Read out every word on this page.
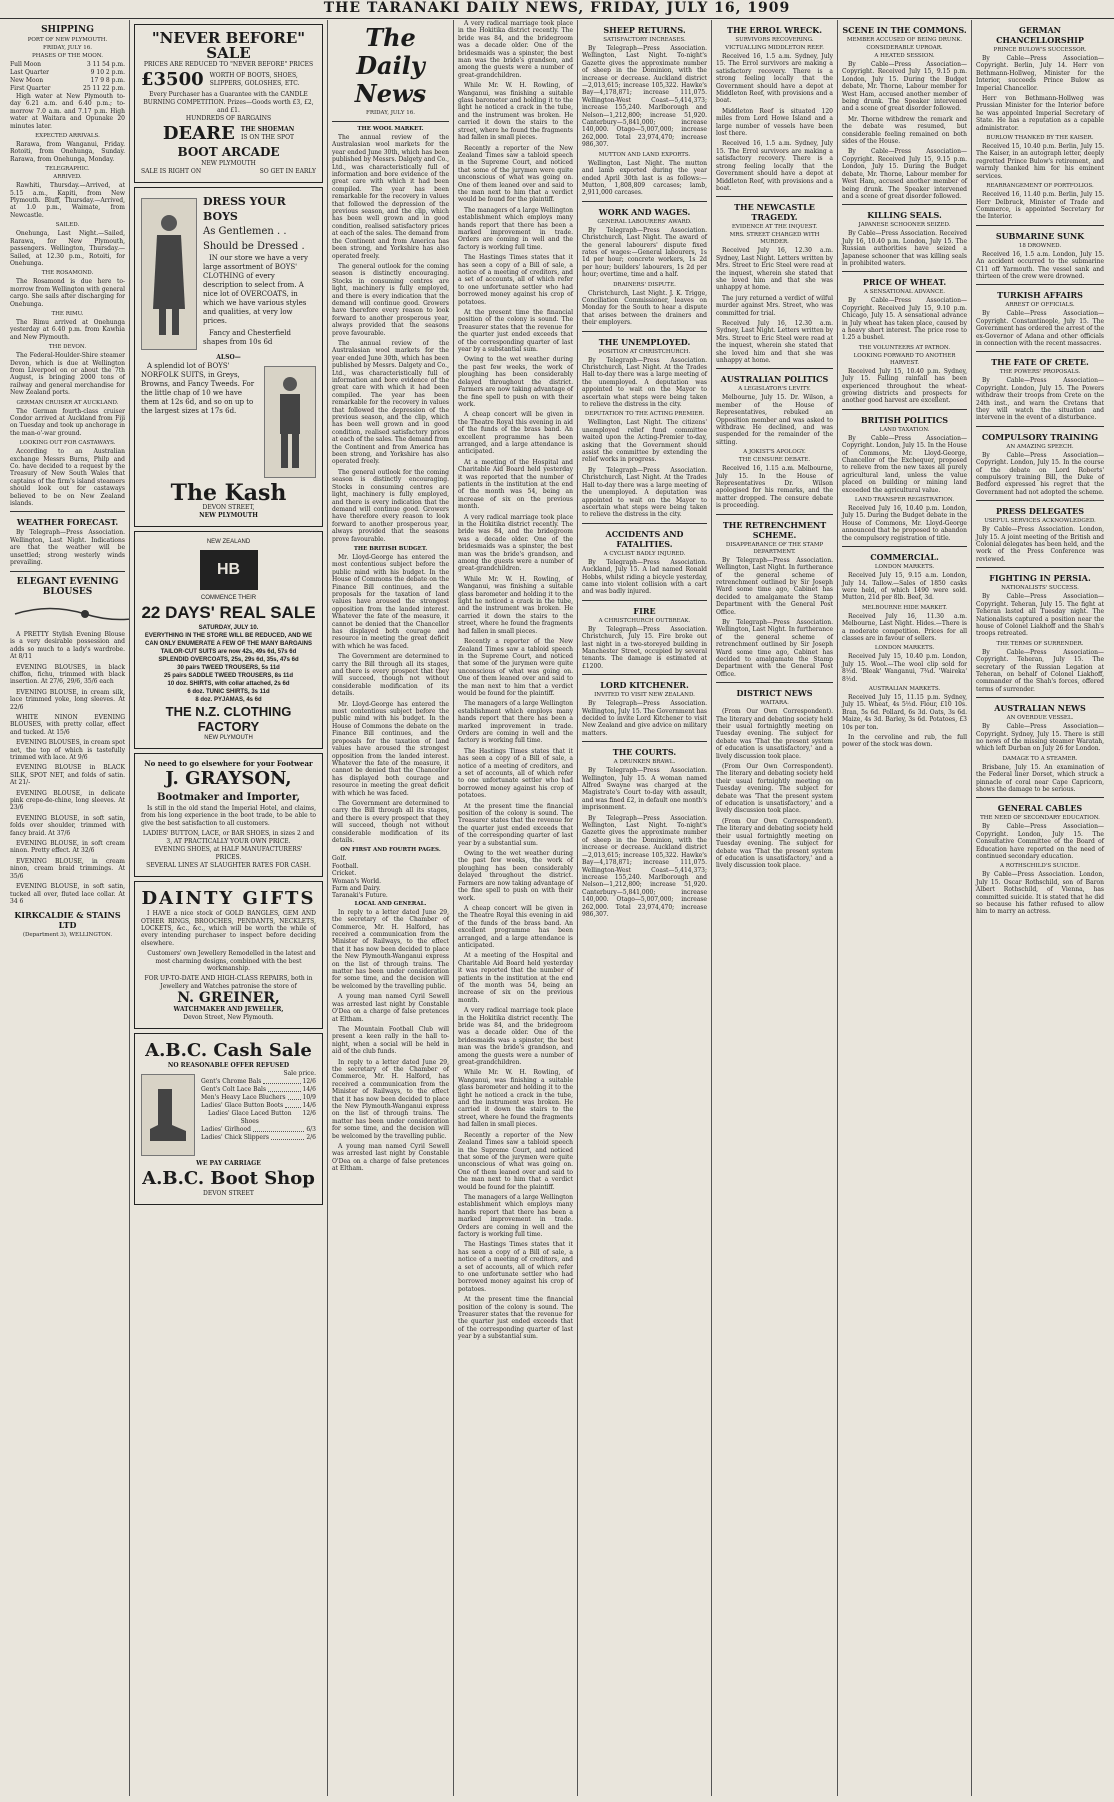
THE TARANAKI DAILY NEWS, FRIDAY, JULY 16, 1909
SHIPPING
PORT OF NEW PLYMOUTH.
FRIDAY, JULY 16.
PHASES OF THE MOON.
Full Moon	3 11 54 p.m.
Last Quarter	9 10 2 p.m.
New Moon	17 9 8 p.m.
First Quarter	25 11 22 p.m.

High water at New Plymouth to-day 6.21 a.m. and 6.40 p.m.; to-morrow 7.0 a.m. and 7.17 p.m. High water at Waitara and Opunake 20 minutes later.

EXPECTED ARRIVALS.

Rarawa, from Wanganui, Friday. Rotoiti, from Onehunga, Sunday. Rarawa, from Onehunga, Monday.

TELEGRAPHIC.
ARRIVED.

Rawhiti, Thursday.—Arrived, at 5.15 a.m., Kapiti, from New Plymouth. Bluff, Thursday.—Arrived, at 1.0 p.m., Waimate, from Newcastle.

SAILED.

Onehunga, Last Night.—Sailed, Rarawa, for New Plymouth, passengers. Wellington, Thursday.—Sailed, at 12.30 p.m., Rotoiti, for Onehunga.

THE ROSAMOND.

The Rosamond is due here to-morrow from Wellington with general cargo. She sails after discharging for Onehunga.

THE RIMU.

The Rimu arrived at Onehunga yesterday at 6.40 p.m. from Kawhia and New Plymouth.

THE DEVON.

The Federal-Houlder-Shire steamer Devon, which is due at Wellington from Liverpool on or about the 7th August, is bringing 2000 tons of railway and general merchandise for New Zealand ports.

GERMAN CRUISER AT AUCKLAND.

The German fourth-class cruiser Condor arrived at Auckland from Fiji on Tuesday and took up anchorage in the man-o'-war ground.

LOOKING OUT FOR CASTAWAYS.

According to an Australian exchange Messrs Burns, Philp and Co. have decided to a request by the Treasury of New South Wales that captains of the firm's island steamers should look out for castaways believed to be on New Zealand islands.

WEATHER FORECAST.

By Telegraph—Press Association. Wellington, Last Night. Indications are that the weather will be unsettled; strong westerly winds prevailing.

ELEGANT EVENING BLOUSES

A PRETTY Stylish Evening Blouse is a very desirable possession and adds so much to a lady's wardrobe. At 8/11

EVENING BLOUSES, in black chiffon, fichu, trimmed with black insertion. At 27/6, 29/6, 35/6 each

EVENING BLOUSE, in cream silk, lace trimmed yoke, long sleeves. At 22/6

WHITE NINON EVENING BLOUSES, with pretty collar, effect and tucked. At 15/6

EVENING BLOUSES, in cream spot net, the top of which is tastefully trimmed with lace. At 9/6

EVENING BLOUSE in BLACK SILK, SPOT NET, and folds of satin. At 21/-

EVENING BLOUSE, in delicate pink crepe-de-chine, long sleeves. At 23/6

EVENING BLOUSE, in soft satin, folds over shoulder, trimmed with fancy braid. At 37/6

EVENING BLOUSE, in soft cream ninon. Pretty effect. At 32/6

EVENING BLOUSE, in cream ninon, cream braid trimmings. At 35/6

EVENING BLOUSE, in soft satin, tucked all over, fluted lace collar. At 34 6

KIRKCALDIE & STAINS LTD
(Department 3), WELLINGTON.
"NEVER BEFORE" SALE
PRICES ARE REDUCED TO "NEVER BEFORE" PRICES
£3500 WORTH OF BOOTS, SHOES, SLIPPERS, GOLOSHES, ETC.
Every Purchaser has a Guarantee with the CANDLE BURNING COMPETITION. Prizes—Goods worth £3, £2, and £1.
HUNDREDS OF BARGAINS
DEARE THE SHOEMAN
IS ON THE SPOT
BOOT ARCADE
NEW PLYMOUTH
SALE IS RIGHT ON	SO GET IN EARLY
DRESS YOUR BOYS
As Gentlemen . .
Should be Dressed .

IN our store we have a very large assortment of BOYS' CLOTHING of every description to select from. A nice lot of OVERCOATS, in which we have various styles and qualities, at very low prices.

Fancy and Chesterfield shapes from 10s 6d

ALSO—

A splendid lot of BOYS' NORFOLK SUITS, in Greys, Browns, and Fancy Tweeds. For the little chap of 10 we have them at 12s 6d, and so on up to the largest sizes at 17s 6d.

The Kash
DEVON STREET,
NEW PLYMOUTH
NEW ZEALAND
HB
COMMENCE THEIR
22 DAYS' REAL SALE
SATURDAY, JULY 10.
EVERYTHING IN THE STORE WILL BE REDUCED, AND WE CAN ONLY ENUMERATE A FEW OF THE MANY BARGAINS
TAILOR-CUT SUITS are now 42s, 49s 6d, 57s 6d
SPLENDID OVERCOATS, 25s, 29s 6d, 35s, 47s 6d
30 pairs TWEED TROUSERS, 5s 11d
25 pairs SADDLE TWEED TROUSERS, 8s 11d
10 doz. SHIRTS, with collar attached, 2s 6d
6 doz. TUNIC SHIRTS, 3s 11d
8 doz. PYJAMAS, 4s 6d
THE N.Z. CLOTHING FACTORY
NEW PLYMOUTH
No need to go elsewhere for your Footwear
J. GRAYSON,
Bootmaker and Importer,

Is still in the old stand the Imperial Hotel, and claims, from his long experience in the boot trade, to be able to give the best satisfaction to all customers.

LADIES' BUTTON, LACE, or BAR SHOES, in sizes 2 and 3, AT PRACTICALLY YOUR OWN PRICE.
EVENING SHOES, at HALF MANUFACTURERS' PRICES.
SEVERAL LINES AT SLAUGHTER RATES FOR CASH.
DAINTY GIFTS

I HAVE a nice stock of GOLD BANGLES, GEM AND OTHER RINGS, BROOCHES, PENDANTS, NECKLETS, LOCKETS, &c., &c., which will be worth the while of every intending purchaser to inspect before deciding elsewhere.

Customers' own Jewellery Remodelled in the latest and most charming designs, combined with the best workmanship.

FOR UP-TO-DATE AND HIGH-CLASS REPAIRS, both in Jewellery and Watches patronise the store of
N. GREINER,
WATCHMAKER AND JEWELLER,
Devon Street, New Plymouth.
A.B.C. Cash Sale
NO REASONABLE OFFER REFUSED
Sale price.
Gent's Chrome Bals	12/6
Gent's Colt Lace Bals	14/6
Men's Heavy Lace Bluchers	10/9
Ladies' Glace Button Boots	14/6
Ladies' Glace Laced Button Shoes
12/6
Ladies' Girlhood	6/3
Ladies' Chick Slippers	2/6
WE PAY CARRIAGE
A.B.C. Boot Shop
DEVON STREET
The Daily News
FRIDAY, JULY 16.
THE WOOL MARKET.

The annual review of the Australasian wool markets for the year ended June 30th, which has been published by Messrs. Dalgety and Co., Ltd., was characteristically full of information and bore evidence of the great care with which it had been compiled. The year has been remarkable for the recovery in values that followed the depression of the previous season, and the clip, which has been well grown and in good condition, realised satisfactory prices at each of the sales. The demand from the Continent and from America has been strong, and Yorkshire has also operated freely.

The general outlook for the coming season is distinctly encouraging. Stocks in consuming centres are light, machinery is fully employed, and there is every indication that the demand will continue good. Growers have therefore every reason to look forward to another prosperous year, always provided that the seasons prove favourable.

The annual review of the Australasian wool markets for the year ended June 30th, which has been published by Messrs. Dalgety and Co., Ltd., was characteristically full of information and bore evidence of the great care with which it had been compiled. The year has been remarkable for the recovery in values that followed the depression of the previous season, and the clip, which has been well grown and in good condition, realised satisfactory prices at each of the sales. The demand from the Continent and from America has been strong, and Yorkshire has also operated freely.

The general outlook for the coming season is distinctly encouraging. Stocks in consuming centres are light, machinery is fully employed, and there is every indication that the demand will continue good. Growers have therefore every reason to look forward to another prosperous year, always provided that the seasons prove favourable.

THE BRITISH BUDGET.

Mr. Lloyd-George has entered the most contentious subject before the public mind with his budget. In the House of Commons the debate on the Finance Bill continues, and the proposals for the taxation of land values have aroused the strongest opposition from the landed interest. Whatever the fate of the measure, it cannot be denied that the Chancellor has displayed both courage and resource in meeting the great deficit with which he was faced.

The Government are determined to carry the Bill through all its stages, and there is every prospect that they will succeed, though not without considerable modification of its details.

Mr. Lloyd-George has entered the most contentious subject before the public mind with his budget. In the House of Commons the debate on the Finance Bill continues, and the proposals for the taxation of land values have aroused the strongest opposition from the landed interest. Whatever the fate of the measure, it cannot be denied that the Chancellor has displayed both courage and resource in meeting the great deficit with which he was faced.

The Government are determined to carry the Bill through all its stages, and there is every prospect that they will succeed, though not without considerable modification of its details.

ON FIRST AND FOURTH PAGES.
Golf.
Football.
Cricket.
Woman's World.
Farm and Dairy.
Taranaki's Future.
LOCAL AND GENERAL.

In reply to a letter dated June 29, the secretary of the Chamber of Commerce, Mr. H. Halford, has received a communication from the Minister of Railways, to the effect that it has now been decided to place the New Plymouth-Wanganui express on the list of through trains. The matter has been under consideration for some time, and the decision will be welcomed by the travelling public.

A young man named Cyril Sewell was arrested last night by Constable O'Dea on a charge of false pretences at Eltham.

The Mountain Football Club will present a keen rally in the hall to-night, when a social will be held in aid of the club funds.

In reply to a letter dated June 29, the secretary of the Chamber of Commerce, Mr. H. Halford, has received a communication from the Minister of Railways, to the effect that it has now been decided to place the New Plymouth-Wanganui express on the list of through trains. The matter has been under consideration for some time, and the decision will be welcomed by the travelling public.

A young man named Cyril Sewell was arrested last night by Constable O'Dea on a charge of false pretences at Eltham.

A very radical marriage took place in the Hokitika district recently. The bride was 84, and the bridegroom was a decade older. One of the bridesmaids was a spinster, the best man was the bride's grandson, and among the guests were a number of great-grandchildren.

While Mr. W. H. Rowling, of Wanganui, was finishing a suitable glass barometer and holding it to the light he noticed a crack in the tube, and the instrument was broken. He carried it down the stairs to the street, where he found the fragments had fallen in small pieces.

Recently a reporter of the New Zealand Times saw a tabloid speech in the Supreme Court, and noticed that some of the jurymen were quite unconscious of what was going on. One of them leaned over and said to the man next to him that a verdict would be found for the plaintiff.

The managers of a large Wellington establishment which employs many hands report that there has been a marked improvement in trade. Orders are coming in well and the factory is working full time.

The Hastings Times states that it has seen a copy of a Bill of sale, a notice of a meeting of creditors, and a set of accounts, all of which refer to one unfortunate settler who had borrowed money against his crop of potatoes.

At the present time the financial position of the colony is sound. The Treasurer states that the revenue for the quarter just ended exceeds that of the corresponding quarter of last year by a substantial sum.

Owing to the wet weather during the past few weeks, the work of ploughing has been considerably delayed throughout the district. Farmers are now taking advantage of the fine spell to push on with their work.

A cheap concert will be given in the Theatre Royal this evening in aid of the funds of the brass band. An excellent programme has been arranged, and a large attendance is anticipated.

At a meeting of the Hospital and Charitable Aid Board held yesterday it was reported that the number of patients in the institution at the end of the month was 54, being an increase of six on the previous month.

A very radical marriage took place in the Hokitika district recently. The bride was 84, and the bridegroom was a decade older. One of the bridesmaids was a spinster, the best man was the bride's grandson, and among the guests were a number of great-grandchildren.

While Mr. W. H. Rowling, of Wanganui, was finishing a suitable glass barometer and holding it to the light he noticed a crack in the tube, and the instrument was broken. He carried it down the stairs to the street, where he found the fragments had fallen in small pieces.

Recently a reporter of the New Zealand Times saw a tabloid speech in the Supreme Court, and noticed that some of the jurymen were quite unconscious of what was going on. One of them leaned over and said to the man next to him that a verdict would be found for the plaintiff.

The managers of a large Wellington establishment which employs many hands report that there has been a marked improvement in trade. Orders are coming in well and the factory is working full time.

The Hastings Times states that it has seen a copy of a Bill of sale, a notice of a meeting of creditors, and a set of accounts, all of which refer to one unfortunate settler who had borrowed money against his crop of potatoes.

At the present time the financial position of the colony is sound. The Treasurer states that the revenue for the quarter just ended exceeds that of the corresponding quarter of last year by a substantial sum.

Owing to the wet weather during the past few weeks, the work of ploughing has been considerably delayed throughout the district. Farmers are now taking advantage of the fine spell to push on with their work.

A cheap concert will be given in the Theatre Royal this evening in aid of the funds of the brass band. An excellent programme has been arranged, and a large attendance is anticipated.

At a meeting of the Hospital and Charitable Aid Board held yesterday it was reported that the number of patients in the institution at the end of the month was 54, being an increase of six on the previous month.

A very radical marriage took place in the Hokitika district recently. The bride was 84, and the bridegroom was a decade older. One of the bridesmaids was a spinster, the best man was the bride's grandson, and among the guests were a number of great-grandchildren.

While Mr. W. H. Rowling, of Wanganui, was finishing a suitable glass barometer and holding it to the light he noticed a crack in the tube, and the instrument was broken. He carried it down the stairs to the street, where he found the fragments had fallen in small pieces.

Recently a reporter of the New Zealand Times saw a tabloid speech in the Supreme Court, and noticed that some of the jurymen were quite unconscious of what was going on. One of them leaned over and said to the man next to him that a verdict would be found for the plaintiff.

The managers of a large Wellington establishment which employs many hands report that there has been a marked improvement in trade. Orders are coming in well and the factory is working full time.

The Hastings Times states that it has seen a copy of a Bill of sale, a notice of a meeting of creditors, and a set of accounts, all of which refer to one unfortunate settler who had borrowed money against his crop of potatoes.

At the present time the financial position of the colony is sound. The Treasurer states that the revenue for the quarter just ended exceeds that of the corresponding quarter of last year by a substantial sum.

SHEEP RETURNS.
SATISFACTORY INCREASES.

By Telegraph—Press Association. Wellington, Last Night. To-night's Gazette gives the approximate number of sheep in the Dominion, with the increase or decrease. Auckland district—2,013,615; increase 105,322. Hawke's Bay—4,178,871; increase 111,075. Wellington-West Coast—5,414,373; increase 155,240. Marlborough and Nelson—1,212,800; increase 51,920. Canterbury—5,841,000; increase 140,000. Otago—5,007,000; increase 262,000. Total 23,974,470; increase 986,307.

MUTTON AND LAND EXPORTS.

Wellington, Last Night. The mutton and lamb exported during the year ended April 30th last is as follows:—Mutton, 1,808,809 carcases; lamb, 2,911,000 carcases.

WORK AND WAGES.
GENERAL LABOURERS' AWARD.

By Telegraph—Press Association. Christchurch, Last Night. The award of the general labourers' dispute fixed rates of wages:—General labourers, 1s 1d per hour; concrete workers, 1s 2d per hour; builders' labourers, 1s 2d per hour; overtime, time and a half.

DRAINERS' DISPUTE.

Christchurch, Last Night. J. K. Trigge, Conciliation Commissioner, leaves on Monday for the South to hear a dispute that arises between the drainers and their employers.

THE UNEMPLOYED.
POSITION AT CHRISTCHURCH.

By Telegraph—Press Association. Christchurch, Last Night. At the Trades Hall to-day there was a large meeting of the unemployed. A deputation was appointed to wait on the Mayor to ascertain what steps were being taken to relieve the distress in the city.

DEPUTATION TO THE ACTING PREMIER.

Wellington, Last Night. The citizens' unemployed relief fund committee waited upon the Acting-Premier to-day, asking that the Government should assist the committee by extending the relief works in progress.

By Telegraph—Press Association. Christchurch, Last Night. At the Trades Hall to-day there was a large meeting of the unemployed. A deputation was appointed to wait on the Mayor to ascertain what steps were being taken to relieve the distress in the city.

ACCIDENTS AND FATALITIES.
A CYCLIST BADLY INJURED.

By Telegraph—Press Association. Auckland, July 15. A lad named Ronald Hobbs, whilst riding a bicycle yesterday, came into violent collision with a cart and was badly injured.

FIRE
A CHRISTCHURCH OUTBREAK.

By Telegraph—Press Association. Christchurch, July 15. Fire broke out last night in a two-storeyed building in Manchester Street, occupied by several tenants. The damage is estimated at £1200.

LORD KITCHENER.
INVITED TO VISIT NEW ZEALAND.

By Telegraph—Press Association. Wellington, July 15. The Government has decided to invite Lord Kitchener to visit New Zealand and give advice on military matters.

THE COURTS.
A DRUNKEN BRAWL.

By Telegraph—Press Association. Wellington, July 15. A woman named Alfred Swayne was charged at the Magistrate's Court to-day with assault, and was fined £2, in default one month's imprisonment.

By Telegraph—Press Association. Wellington, Last Night. To-night's Gazette gives the approximate number of sheep in the Dominion, with the increase or decrease. Auckland district—2,013,615; increase 105,322. Hawke's Bay—4,178,871; increase 111,075. Wellington-West Coast—5,414,373; increase 155,240. Marlborough and Nelson—1,212,800; increase 51,920. Canterbury—5,841,000; increase 140,000. Otago—5,007,000; increase 262,000. Total 23,974,470; increase 986,307.

THE ERROL WRECK.
SURVIVORS RECOVERING.
VICTUALLING MIDDLETON REEF.

Received 16, 1.5 a.m. Sydney, July 15. The Errol survivors are making a satisfactory recovery. There is a strong feeling locally that the Government should have a depot at Middleton Reef, with provisions and a boat.

Middleton Reef is situated 120 miles from Lord Howe Island and a large number of vessels have been lost there.

Received 16, 1.5 a.m. Sydney, July 15. The Errol survivors are making a satisfactory recovery. There is a strong feeling locally that the Government should have a depot at Middleton Reef, with provisions and a boat.

THE NEWCASTLE TRAGEDY.
EVIDENCE AT THE INQUEST.
MRS. STREET CHARGED WITH MURDER.

Received July 16, 12.30 a.m. Sydney, Last Night. Letters written by Mrs. Street to Eric Steel were read at the inquest, wherein she stated that she loved him and that she was unhappy at home.

The jury returned a verdict of wilful murder against Mrs. Street, who was committed for trial.

Received July 16, 12.30 a.m. Sydney, Last Night. Letters written by Mrs. Street to Eric Steel were read at the inquest, wherein she stated that she loved him and that she was unhappy at home.

AUSTRALIAN POLITICS
A LEGISLATOR'S LEVITY.

Melbourne, July 15. Dr. Wilson, a member of the House of Representatives, rebuked an Opposition member and was asked to withdraw. He declined, and was suspended for the remainder of the sitting.

A JOKIST'S APOLOGY.
THE CENSURE DEBATE.

Received 16, 1.15 a.m. Melbourne, July 15. In the House of Representatives Dr. Wilson apologised for his remarks, and the matter dropped. The censure debate is proceeding.

THE RETRENCHMENT SCHEME.
DISAPPEARANCE OF THE STAMP DEPARTMENT.

By Telegraph—Press Association. Wellington, Last Night. In furtherance of the general scheme of retrenchment outlined by Sir Joseph Ward some time ago, Cabinet has decided to amalgamate the Stamp Department with the General Post Office.

By Telegraph—Press Association. Wellington, Last Night. In furtherance of the general scheme of retrenchment outlined by Sir Joseph Ward some time ago, Cabinet has decided to amalgamate the Stamp Department with the General Post Office.

DISTRICT NEWS
WAITARA.

(From Our Own Correspondent). The literary and debating society held their usual fortnightly meeting on Tuesday evening. The subject for debate was 'That the present system of education is unsatisfactory,' and a lively discussion took place.

(From Our Own Correspondent). The literary and debating society held their usual fortnightly meeting on Tuesday evening. The subject for debate was 'That the present system of education is unsatisfactory,' and a lively discussion took place.

(From Our Own Correspondent). The literary and debating society held their usual fortnightly meeting on Tuesday evening. The subject for debate was 'That the present system of education is unsatisfactory,' and a lively discussion took place.

SCENE IN THE COMMONS.
MEMBER ACCUSED OF BEING DRUNK.
CONSIDERABLE UPROAR.
A HEATED SESSION.

By Cable—Press Association—Copyright. Received July 15, 9.15 p.m. London, July 15. During the Budget debate, Mr. Thorne, Labour member for West Ham, accused another member of being drunk. The Speaker intervened and a scene of great disorder followed.

Mr. Thorne withdrew the remark and the debate was resumed, but considerable feeling remained on both sides of the House.

By Cable—Press Association—Copyright. Received July 15, 9.15 p.m. London, July 15. During the Budget debate, Mr. Thorne, Labour member for West Ham, accused another member of being drunk. The Speaker intervened and a scene of great disorder followed.

KILLING SEALS.
JAPANESE SCHOONER SEIZED.

By Cable—Press Association. Received July 16, 10.40 p.m. London, July 15. The Russian authorities have seized a Japanese schooner that was killing seals in prohibited waters.

PRICE OF WHEAT.
A SENSATIONAL ADVANCE.

By Cable—Press Association—Copyright. Received July 15, 9.10 p.m. Chicago, July 15. A sensational advance in July wheat has taken place, caused by a heavy short interest. The price rose to 1.25 a bushel.

THE VOLUNTEERS AT PATRON.
LOOKING FORWARD TO ANOTHER HARVEST.

Received July 15, 10.40 p.m. Sydney, July 15. Falling rainfall has been experienced throughout the wheat-growing districts and prospects for another good harvest are excellent.

BRITISH POLITICS
LAND TAXATION.

By Cable—Press Association—Copyright. London, July 15. In the House of Commons, Mr. Lloyd-George, Chancellor of the Exchequer, proposed to relieve from the new taxes all purely agricultural land, unless the value placed on building or mining land exceeded the agricultural value.

LAND TRANSFER REGISTRATION.

Received July 16, 10.40 p.m. London, July 15. During the Budget debate in the House of Commons, Mr. Lloyd-George announced that he proposed to abandon the compulsory registration of title.

COMMERCIAL.
LONDON MARKETS.

Received July 15, 9.15 a.m. London, July 14. Tallow.—Sales of 1850 casks were held, of which 1490 were sold. Mutton, 21d per 8lb. Beef, 3d.

MELBOURNE HIDE MARKET.

Received July 16, 11.30 a.m. Melbourne, Last Night. Hides.—There is a moderate competition. Prices for all classes are in favour of sellers.

LONDON MARKETS.

Received July 15, 10.40 p.m. London, July 15. Wool.—The wool clip sold for 8½d. 'Bleak' Wanganui, 7¾d. 'Waireka' 8½d.

AUSTRALIAN MARKETS.

Received July 15, 11.15 p.m. Sydney, July 15. Wheat, 4s 5½d. Flour, £10 10s. Bran, 5s 6d. Pollard, 6s 3d. Oats, 3s 6d. Maize, 4s 3d. Barley, 3s 6d. Potatoes, £3 10s per ton.

In the cervoline and rub, the full power of the stock was down.

GERMAN CHANCELLORSHIP
PRINCE BULOW'S SUCCESSOR.

By Cable—Press Association—Copyright. Berlin, July 14. Herr von Bethmann-Hollweg, Minister for the Interior, succeeds Prince Bulow as Imperial Chancellor.

Herr von Bethmann-Hollweg was Prussian Minister for the Interior before he was appointed Imperial Secretary of State. He has a reputation as a capable administrator.

BURLOW THANKED BY THE KAISER.

Received 15, 10.40 p.m. Berlin, July 15. The Kaiser, in an autograph letter, deeply regretted Prince Bulow's retirement, and warmly thanked him for his eminent services.

REARRANGEMENT OF PORTFOLIOS.

Received 16, 11.40 p.m. Berlin, July 15. Herr Delbruck, Minister of Trade and Commerce, is appointed Secretary for the Interior.

SUBMARINE SUNK
18 DROWNED.

Received 16, 1.5 a.m. London, July 15. An accident occurred to the submarine C11 off Yarmouth. The vessel sank and thirteen of the crew were drowned.

TURKISH AFFAIRS
ARREST OF OFFICIALS.

By Cable—Press Association—Copyright. Constantinople, July 15. The Government has ordered the arrest of the ex-Governor of Adana and other officials in connection with the recent massacres.

THE FATE OF CRETE.
THE POWERS' PROPOSALS.

By Cable—Press Association—Copyright. London, July 15. The Powers withdraw their troops from Crete on the 24th inst., and warn the Cretans that they will watch the situation and intervene in the event of a disturbance.

COMPULSORY TRAINING
AN AMAZING SPEECH.

By Cable—Press Association—Copyright. London, July 15. In the course of the debate on Lord Roberts' compulsory training Bill, the Duke of Bedford expressed his regret that the Government had not adopted the scheme.

PRESS DELEGATES
USEFUL SERVICES ACKNOWLEDGED.

By Cable—Press Association. London, July 15. A joint meeting of the British and Colonial delegates has been held, and the work of the Press Conference was reviewed.

FIGHTING IN PERSIA.
NATIONALISTS' SUCCESS.

By Cable—Press Association—Copyright. Teheran, July 15. The fight at Teheran lasted all Tuesday night. The Nationalists captured a position near the house of Colonel Liakhoff and the Shah's troops retreated.

THE TERMS OF SURRENDER.

By Cable—Press Association—Copyright. Teheran, July 15. The secretary of the Russian Legation at Teheran, on behalf of Colonel Liakhoff, commander of the Shah's forces, offered terms of surrender.

AUSTRALIAN NEWS
AN OVERDUE VESSEL.

By Cable—Press Association—Copyright. Sydney, July 15. There is still no news of the missing steamer Waratah, which left Durban on July 26 for London.

DAMAGE TO A STEAMER.

Brisbane, July 15. An examination of the Federal liner Dorset, which struck a pinnacle of coral near Cape Capricorn, shows the damage to be serious.

GENERAL CABLES
THE NEED OF SECONDARY EDUCATION.

By Cable—Press Association—Copyright. London, July 15. The Consultative Committee of the Board of Education have reported on the need of continued secondary education.

A ROTHSCHILD'S SUICIDE.

By Cable—Press Association. London, July 15. Oscar Rothschild, son of Baron Albert Rothschild, of Vienna, has committed suicide. It is stated that he did so because his father refused to allow him to marry an actress.
